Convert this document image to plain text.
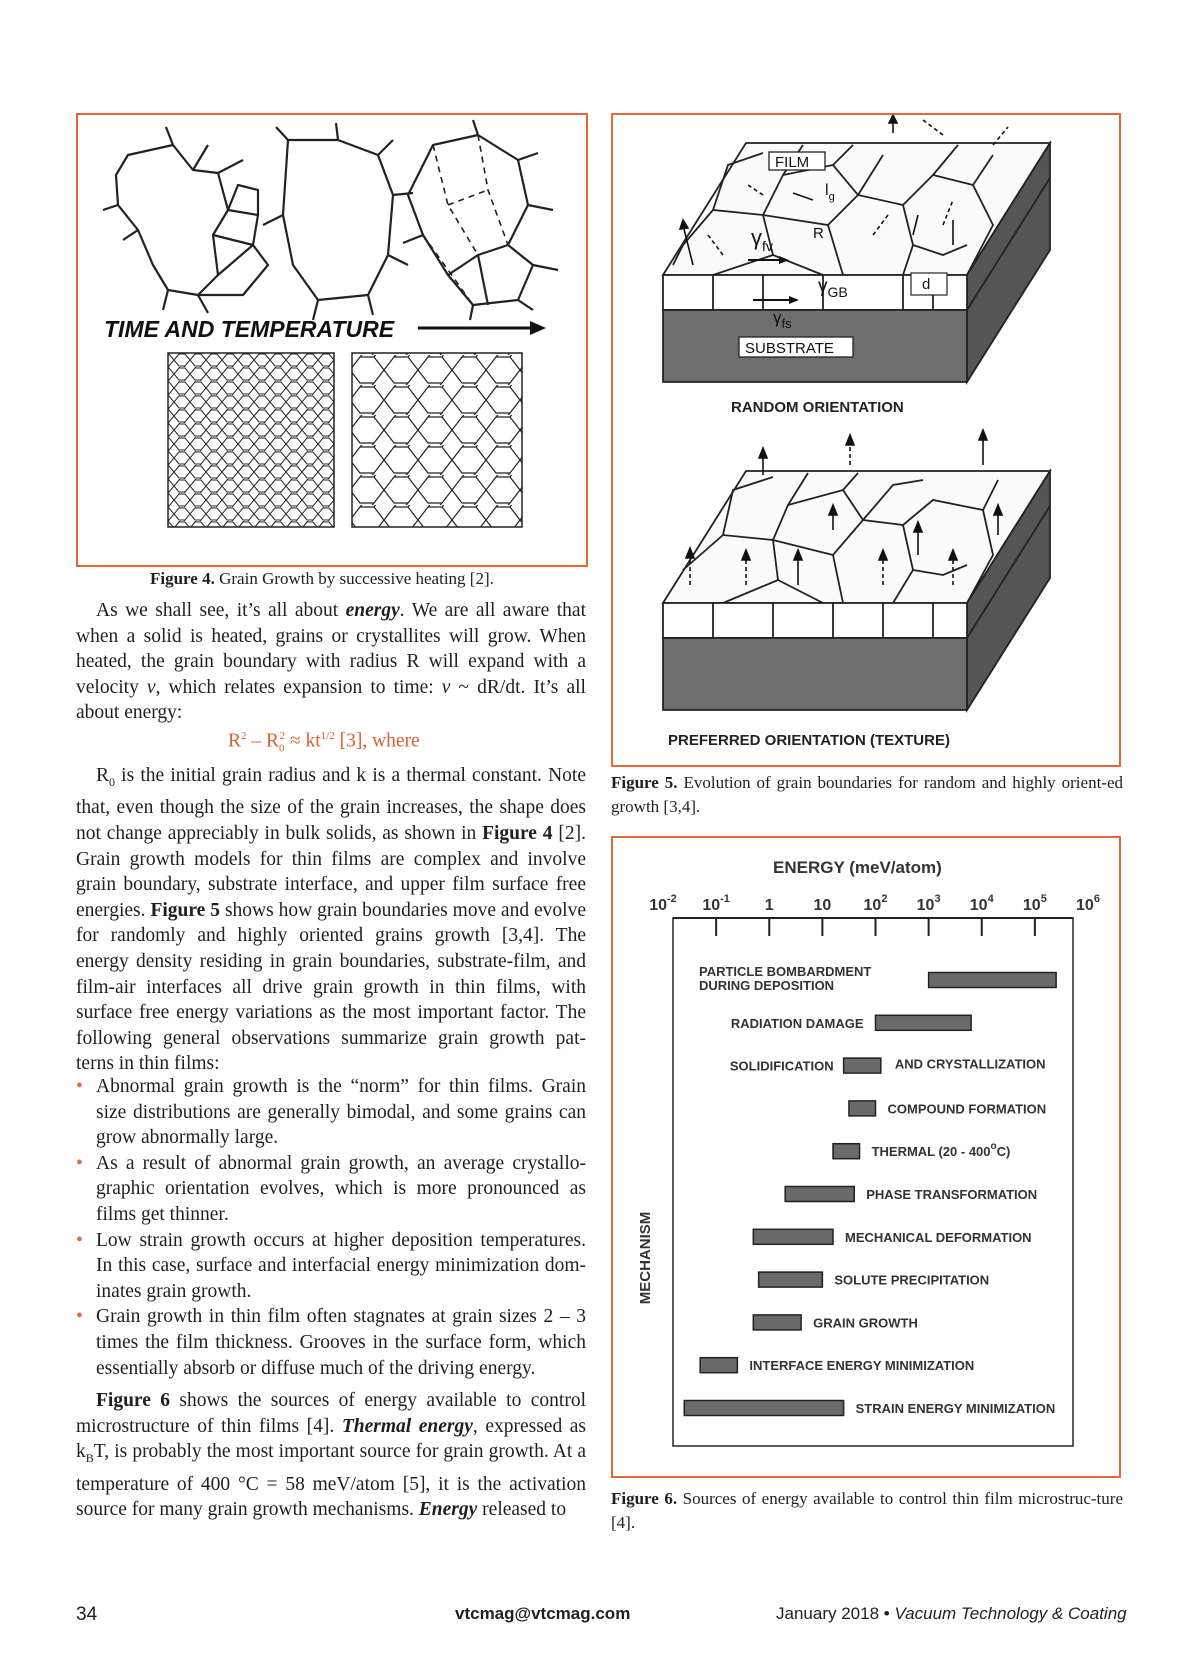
TIME AND TEMPERATURE
Figure 4. Grain Growth by successive heating [2].

As we shall see, it’s all about energy. We are all aware that when a solid is heated, grains or crystallites will grow. When heated, the grain boundary with radius R will expand with a velocity v, which relates expansion to time: v ~ dR/dt. It’s all about energy:

$R^2 - R_0^2 \approx kt^{1/2}$ [3], where

$R_0$ is the initial grain radius and k is a thermal constant. Note that, even though the size of the grain increases, the shape does not change appreciably in bulk solids, as shown in Figure 4 [2]. Grain growth models for thin films are complex and involve grain boundary, substrate interface, and upper film surface free energies. Figure 5 shows how grain boundaries move and evolve for randomly and highly oriented grains growth [3,4]. The energy density residing in grain boundaries, substrate-film, and film-air interfaces all drive grain growth in thin films, with surface free energy variations as the most important factor. The following general observations summarize grain growth pat-terns in thin films:

• Abnormal grain growth is the “norm” for thin films. Grain size distributions are generally bimodal, and some grains can grow abnormally large.
• As a result of abnormal grain growth, an average crystallo-graphic orientation evolves, which is more pronounced as films get thinner.
• Low strain growth occurs at higher deposition temperatures. In this case, surface and interfacial energy minimization dom-inates grain growth.
• Grain growth in thin film often stagnates at grain sizes 2 – 3 times the film thickness. Grooves in the surface form, which essentially absorb or diffuse much of the driving energy.

Figure 6 shows the sources of energy available to control microstructure of thin films [4]. Thermal energy, expressed as $k_BT$, is probably the most important source for grain growth. At a temperature of 400 °C = 58 meV/atom [5], it is the activation source for many grain growth mechanisms. Energy released to

FILM
$l_g$
R
$\gamma_{fv}$
$\gamma_{GB}$	d
$\gamma_{fs}$
SUBSTRATE
RANDOM ORIENTATION
PREFERRED ORIENTATION (TEXTURE)
Figure 5. Evolution of grain boundaries for random and highly orient-ed growth [3,4].
ENERGY (meV/atom)
$10^{-2}$ $10^{-1}$ 1 10 $10^2$ $10^3$ $10^4$ $10^5$ $10^6$
MECHANISM
PARTICLE BOMBARDMENT
DURING DEPOSITION
RADIATION DAMAGE
SOLIDIFICATION	AND CRYSTALLIZATION
COMPOUND FORMATION
THERMAL (20 - 400$^o$C)
PHASE TRANSFORMATION
MECHANICAL DEFORMATION
SOLUTE PRECIPITATION
GRAIN GROWTH
INTERFACE ENERGY MINIMIZATION
STRAIN ENERGY MINIMIZATION
Figure 6. Sources of energy available to control thin film microstruc-ture [4].
34	vtcmag@vtcmag.com	January 2018 • Vacuum Technology & Coating
